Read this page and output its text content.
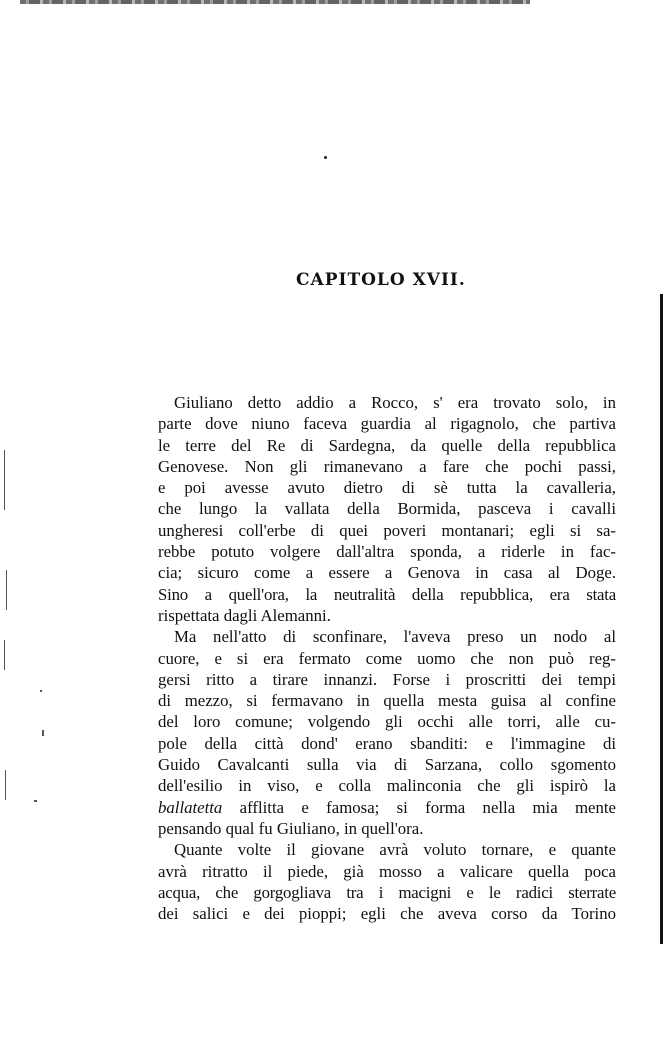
CAPITOLO XVII.
Giuliano detto addio a Rocco, s' era trovato solo, in
parte dove niuno faceva guardia al rigagnolo, che partiva
le terre del Re di Sardegna, da quelle della repubblica
Genovese. Non gli rimanevano a fare che pochi passi,
e poi avesse avuto dietro di sè tutta la cavalleria,
che lungo la vallata della Bormida, pasceva i cavalli
ungheresi coll'erbe di quei poveri montanari; egli si sa-
rebbe potuto volgere dall'altra sponda, a riderle in fac-
cia; sicuro come a essere a Genova in casa al Doge.
Sino a quell'ora, la neutralità della repubblica, era stata
rispettata dagli Alemanni.
Ma nell'atto di sconfinare, l'aveva preso un nodo al
cuore, e si era fermato come uomo che non può reg-
gersi ritto a tirare innanzi. Forse i proscritti dei tempi
di mezzo, si fermavano in quella mesta guisa al confine
del loro comune; volgendo gli occhi alle torri, alle cu-
pole della città dond' erano sbanditi: e l'immagine di
Guido Cavalcanti sulla via di Sarzana, collo sgomento
dell'esilio in viso, e colla malinconia che gli ispirò la
ballatetta afflitta e famosa; si forma nella mia mente
pensando qual fu Giuliano, in quell'ora.
Quante volte il giovane avrà voluto tornare, e quante
avrà ritratto il piede, già mosso a valicare quella poca
acqua, che gorgogliava tra i macigni e le radici sterrate
dei salici e dei pioppi; egli che aveva corso da Torino
